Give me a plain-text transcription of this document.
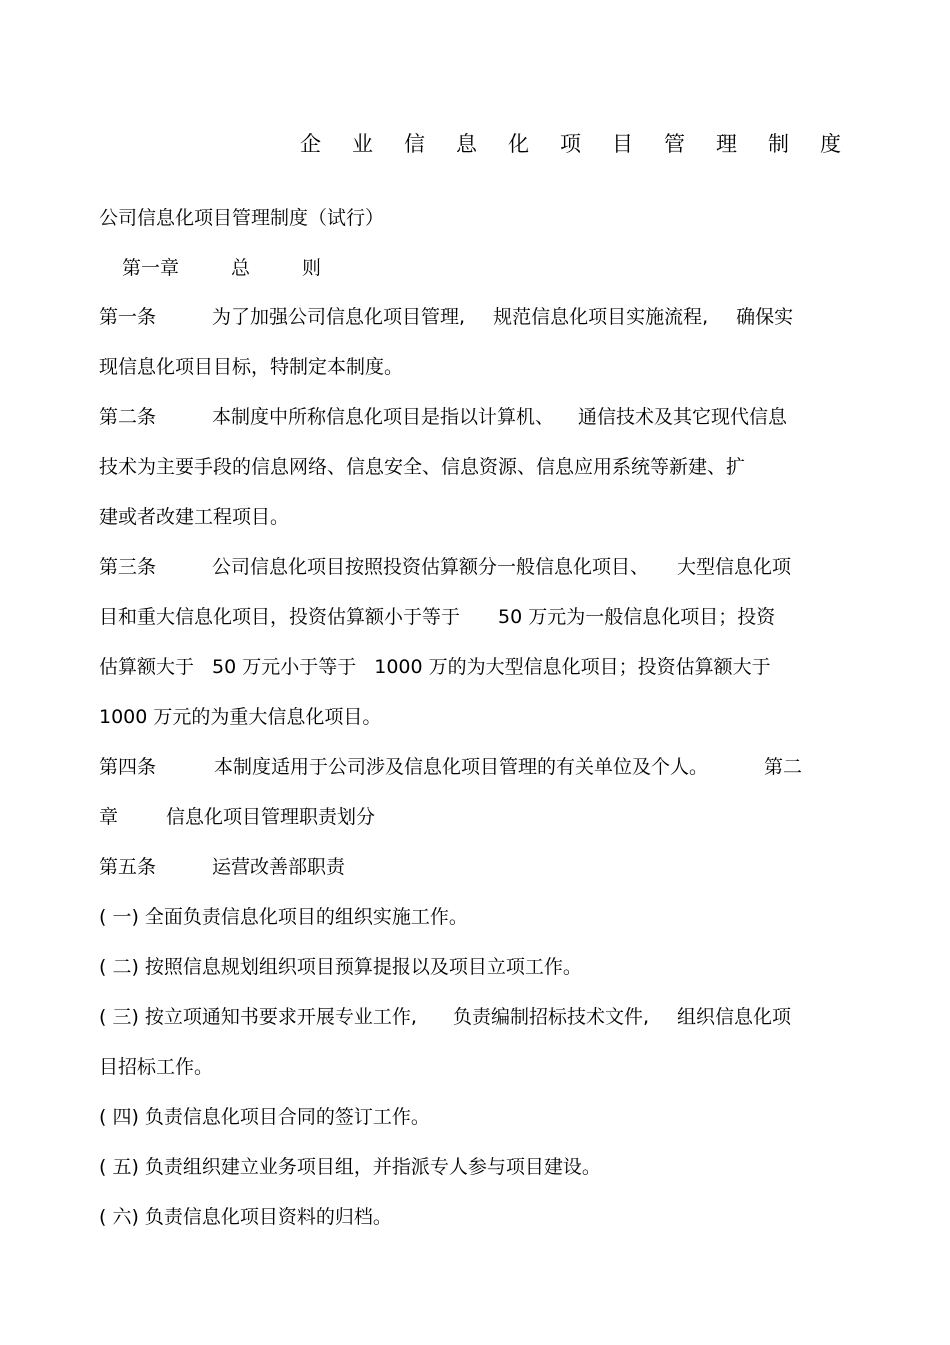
企业信息化项目管理制度
公司信息化项目管理制度（试行）
第一章	总	则
第一条	为了加强公司信息化项目管理, 规范信息化项目实施流程, 确保实
现信息化项目目标，特制定本制度。
第二条	本制度中所称信息化项目是指以计算机、 通信技术及其它现代信息
技术为主要手段的信息网络、信息安全、信息资源、信息应用系统等新建、扩
建或者改建工程项目。
第三条	公司信息化项目按照投资估算额分一般信息化项目、 大型信息化项
目和重大信息化项目，投资估算额小于等于 50 万元为一般信息化项目；投资
估算额大于 50 万元小于等于 1000 万的为大型信息化项目；投资估算额大于
1000 万元的为重大信息化项目。
第四条	本制度适用于公司涉及信息化项目管理的有关单位及个人。	第二
章	信息化项目管理职责划分
第五条	运营改善部职责
( 一) 全面负责信息化项目的组织实施工作。
( 二) 按照信息规划组织项目预算提报以及项目立项工作。
( 三) 按立项通知书要求开展专业工作, 负责编制招标技术文件, 组织信息化项
目招标工作。
( 四) 负责信息化项目合同的签订工作。
( 五) 负责组织建立业务项目组，并指派专人参与项目建设。
( 六) 负责信息化项目资料的归档。
